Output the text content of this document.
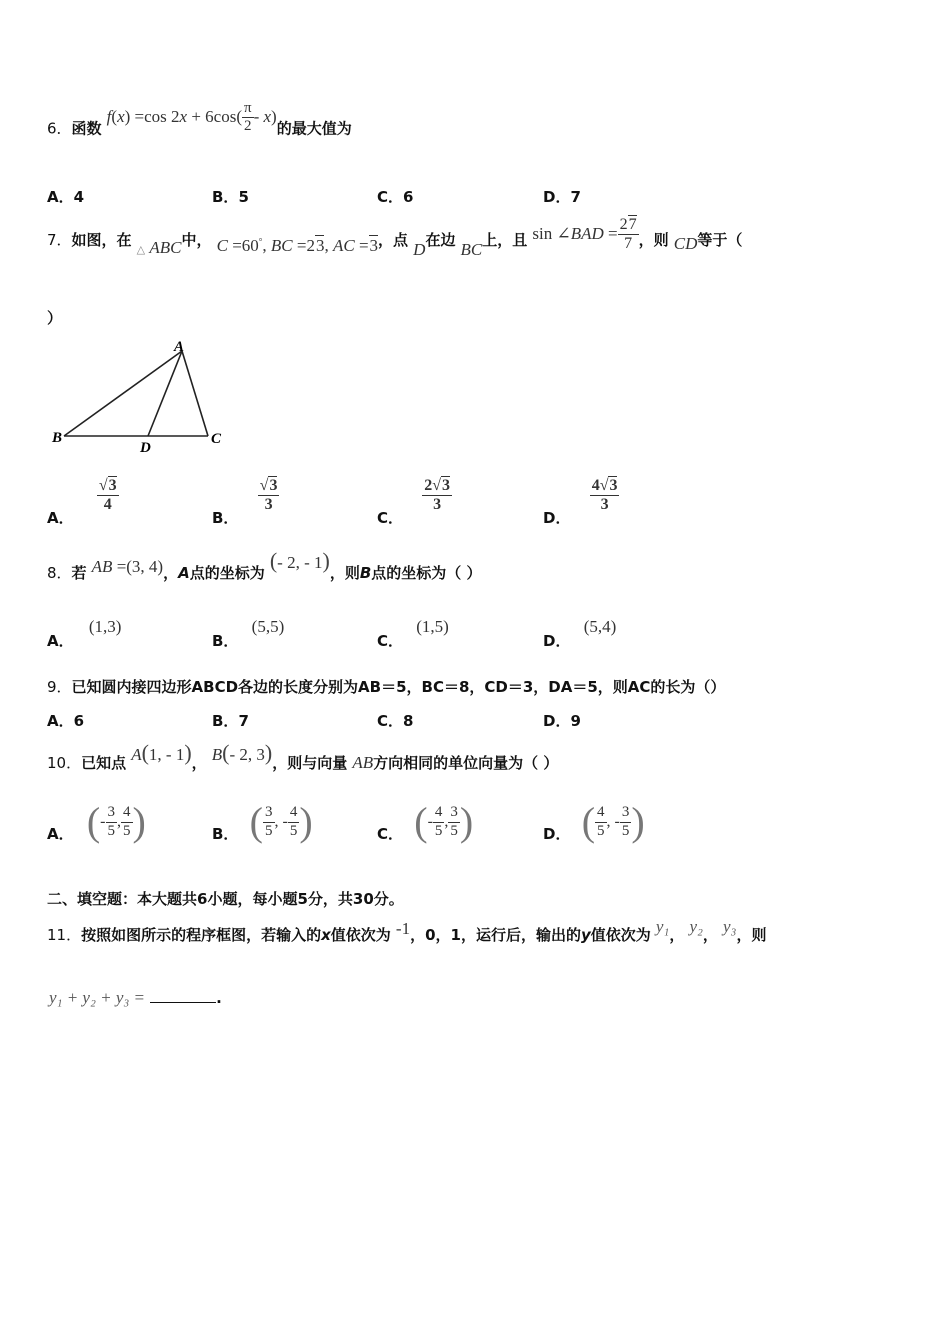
6．函数 f(x) =cos $2x + 6\cos( \frac{\pi}{2} - x)$的最大值为
A．4	B．5	C．6	D．7
7．如图，在 △ ABC中， C =60°, BC =23, AC =3，点 D在边 BC上，且 sin ∠BAD = $\frac{27}{7}$ ，则 CD等于（
）
A
B	C
D
A．
$\frac{√3}{4}$
B．
$\frac{√3}{3}$
C．
$\frac{2√3}{3}$
D．
$\frac{4√3}{3}$
8．若 AB =(3, 4)，A点的坐标为 (- 2, - 1)，则B点的坐标为（ ）
A． (1,3)
B． (5,5)
C． (1,5)
D． (5,4)
9．已知圆内接四边形ABCD各边的长度分别为AB＝5，BC＝8，CD＝3，DA＝5，则AC的长为（）
A．6	B．7	C．8	D．9
10．已知点 A(1, - 1)， B(- 2, 3)，则与向量 AB方向相同的单位向量为（ ）
A． ( - $\frac{3}{5}$ , $\frac{4}{5}$ )	B． ( $\frac{3}{5}$ , - $\frac{4}{5}$ )	C． ( - $\frac{4}{5}$ , $\frac{3}{5}$ )	D． ( $\frac{4}{5}$ , - $\frac{3}{5}$ )
二、填空题：本大题共6小题，每小题5分，共30分。
11．按照如图所示的程序框图，若输入的x值依次为 -1，0，1，运行后，输出的y值依次为 y₁， y₂， y₃，则
y₁ + y₂ + y₃ =	.
